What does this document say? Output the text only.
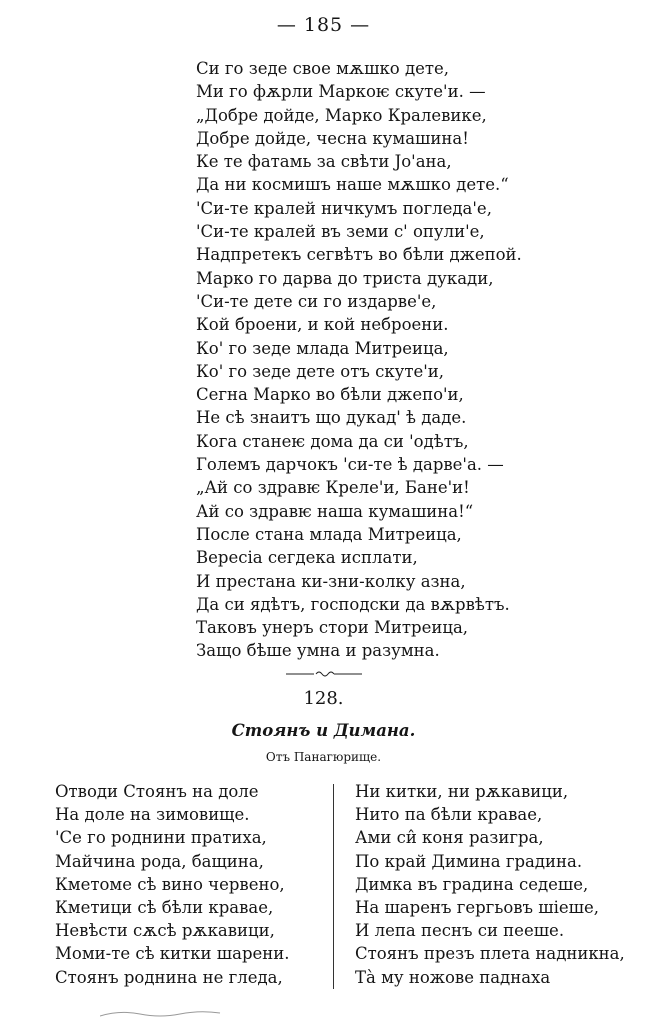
— 185 —
Си го зеде свое мѫшко дете,
Ми го фѫрли Маркоѥ скуте'и. —
„Добре дойде, Марко Кралевике,
Добре дойде, чесна кумашина!
Ке те фатамь за свѣти Јо'ана,
Да ни космишъ наше мѫшко дете.“
'Си-те кралей ничкумъ погледа'е,
'Си-те кралей въ земи с' опули'е,
Надпретекъ сегвѣтъ во бѣли джепой.
Марко го дарва до триста дукади,
'Си-те дете си го издарве'е,
Кой броени, и кой неброени.
Ко' го зеде млада Митреица,
Ко' го зеде дете отъ скуте'и,
Сегна Марко во бѣли джепо'и,
Не сѣ знаитъ що дукад' ѣ даде.
Кога станеѥ дома да си 'одѣтъ,
Големъ дарчокъ 'си-те ѣ дарве'а. —
„Ай со здравѥ Креле'и, Бане'и!
Ай со здравѥ наша кумашина!“
После стана млада Митреица,
Вересіа сегдека исплати,
И престана ки-зни-колку азна,
Да си ядѣтъ, господски да вѫрвѣтъ.
Таковъ унеръ стори Митреица,
Защо бѣше умна и разумна.
128.
Стоянъ и Димана.
Отъ Панагюрище.
Отводи Стоянъ на доле
На доле на зимовище.
'Се го роднини пратиха,
Майчина рода, бащина,
Кметоме сѣ вино червено,
Кметици сѣ бѣли кравае,
Невѣсти сѫсѣ рѫкавици,
Моми-те сѣ китки шарени.
Стоянъ роднина не гледа,
Ни китки, ни рѫкавици,
Нито па бѣли кравае,
Ами си̂ коня разигра,
По край Димина градина.
Димка въ градина седеше,
На шаренъ гергьовъ шіеше,
И лепа песнъ си пееше.
Стоянъ презъ плета надникна,
Тà му ножове паднаха
